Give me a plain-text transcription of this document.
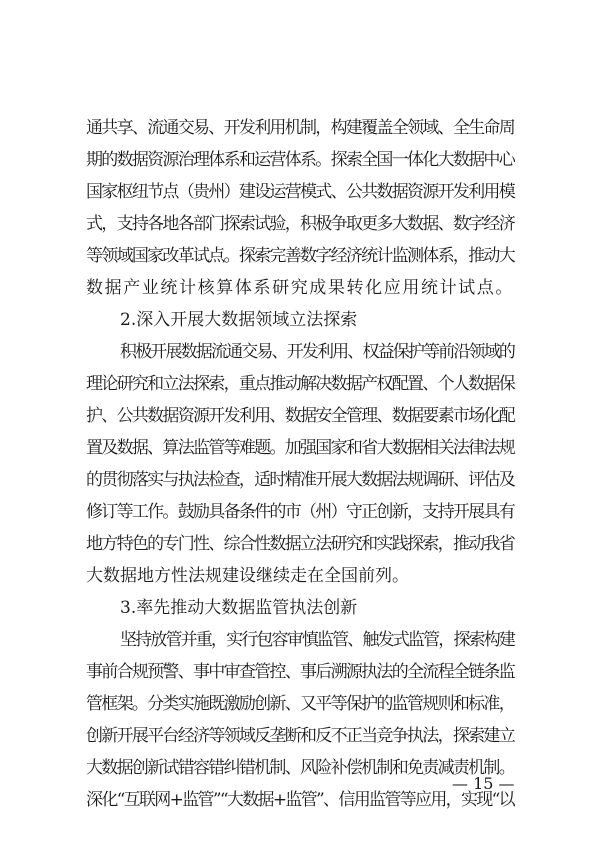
通共享、流通交易、开发利用机制，构建覆盖全领域、全生命周
期的数据资源治理体系和运营体系。探索全国一体化大数据中心
国家枢纽节点（贵州）建设运营模式、公共数据资源开发利用模
式，支持各地各部门探索试验，积极争取更多大数据、数字经济
等领域国家改革试点。探索完善数字经济统计监测体系，推动大
数据产业统计核算体系研究成果转化应用统计试点。
2.深入开展大数据领域立法探索
积极开展数据流通交易、开发利用、权益保护等前沿领域的
理论研究和立法探索，重点推动解决数据产权配置、个人数据保
护、公共数据资源开发利用、数据安全管理、数据要素市场化配
置及数据、算法监管等难题。加强国家和省大数据相关法律法规
的贯彻落实与执法检查，适时精准开展大数据法规调研、评估及
修订等工作。鼓励具备条件的市（州）守正创新，支持开展具有
地方特色的专门性、综合性数据立法研究和实践探索，推动我省
大数据地方性法规建设继续走在全国前列。
3.率先推动大数据监管执法创新
坚持放管并重，实行包容审慎监管、触发式监管，探索构建
事前合规预警、事中审查管控、事后溯源执法的全流程全链条监
管框架。分类实施既激励创新、又平等保护的监管规则和标准，
创新开展平台经济等领域反垄断和反不正当竞争执法，探索建立
大数据创新试错容错纠错机制、风险补偿机制和免责减责机制。
深化“互联网+监管”“大数据+监管”、信用监管等应用，实现“以
— 15 —
